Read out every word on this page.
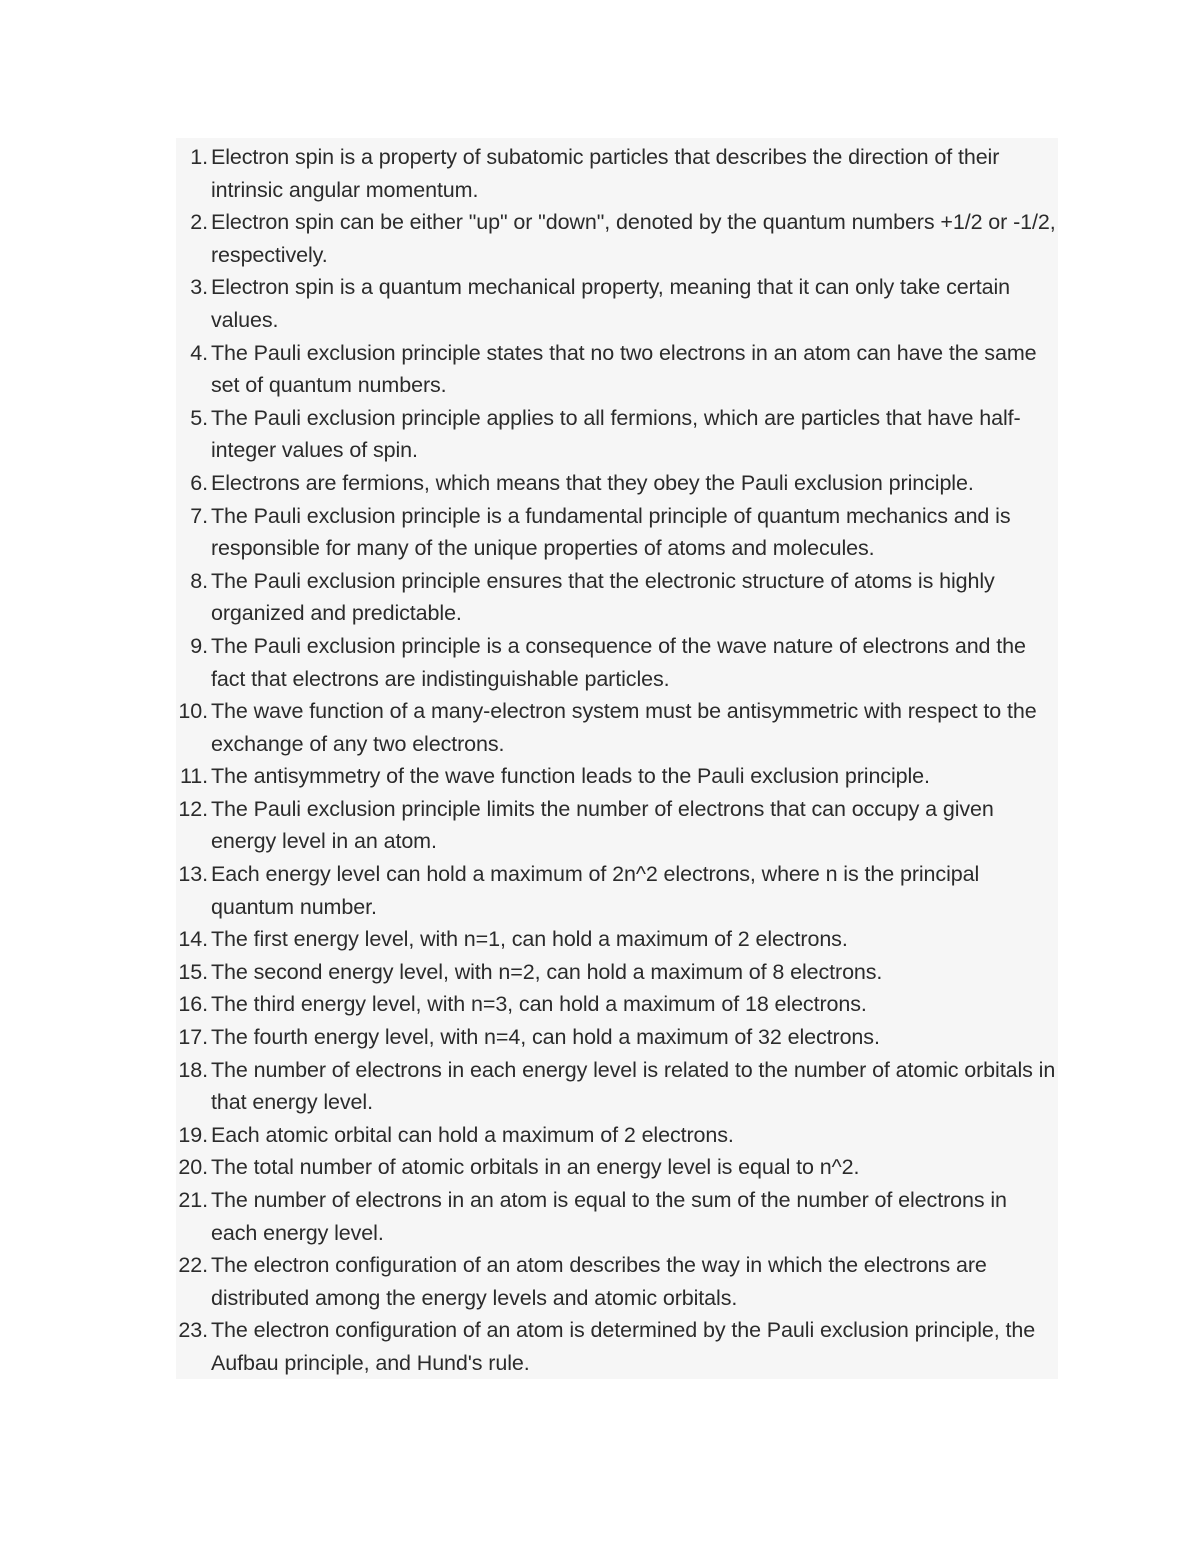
1. Electron spin is a property of subatomic particles that describes the direction of their intrinsic angular momentum.
2. Electron spin can be either "up" or "down", denoted by the quantum numbers +1/2 or -1/2, respectively.
3. Electron spin is a quantum mechanical property, meaning that it can only take certain values.
4. The Pauli exclusion principle states that no two electrons in an atom can have the same set of quantum numbers.
5. The Pauli exclusion principle applies to all fermions, which are particles that have half-integer values of spin.
6. Electrons are fermions, which means that they obey the Pauli exclusion principle.
7. The Pauli exclusion principle is a fundamental principle of quantum mechanics and is responsible for many of the unique properties of atoms and molecules.
8. The Pauli exclusion principle ensures that the electronic structure of atoms is highly organized and predictable.
9. The Pauli exclusion principle is a consequence of the wave nature of electrons and the fact that electrons are indistinguishable particles.
10. The wave function of a many-electron system must be antisymmetric with respect to the exchange of any two electrons.
11. The antisymmetry of the wave function leads to the Pauli exclusion principle.
12. The Pauli exclusion principle limits the number of electrons that can occupy a given energy level in an atom.
13. Each energy level can hold a maximum of 2n^2 electrons, where n is the principal quantum number.
14. The first energy level, with n=1, can hold a maximum of 2 electrons.
15. The second energy level, with n=2, can hold a maximum of 8 electrons.
16. The third energy level, with n=3, can hold a maximum of 18 electrons.
17. The fourth energy level, with n=4, can hold a maximum of 32 electrons.
18. The number of electrons in each energy level is related to the number of atomic orbitals in that energy level.
19. Each atomic orbital can hold a maximum of 2 electrons.
20. The total number of atomic orbitals in an energy level is equal to n^2.
21. The number of electrons in an atom is equal to the sum of the number of electrons in each energy level.
22. The electron configuration of an atom describes the way in which the electrons are distributed among the energy levels and atomic orbitals.
23. The electron configuration of an atom is determined by the Pauli exclusion principle, the Aufbau principle, and Hund's rule.
